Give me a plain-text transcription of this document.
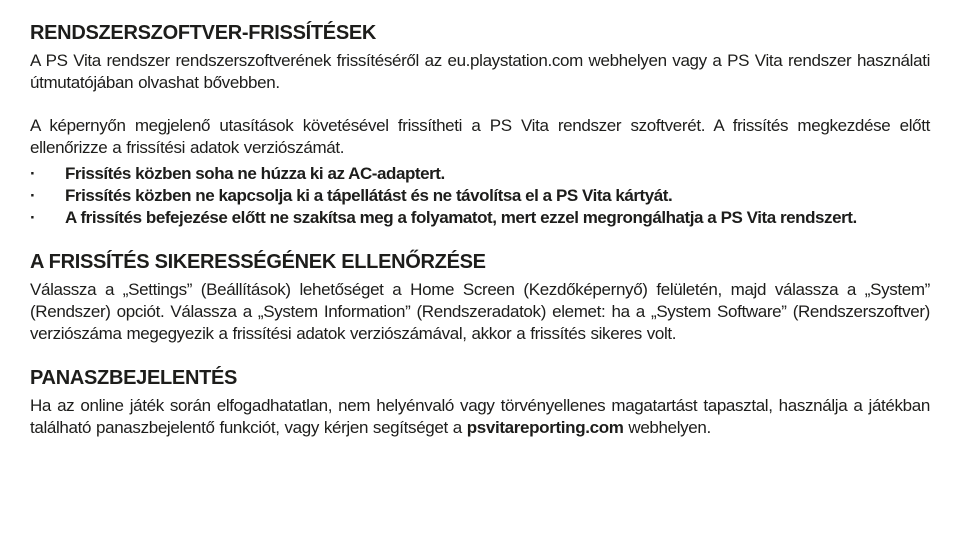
RENDSZERSZOFTVER-FRISSÍTÉSEK

A PS Vita rendszer rendszerszoftverének frissítéséről az eu.playstation.com webhelyen vagy a PS Vita rendszer használati útmutatójában olvashat bővebben.

A képernyőn megjelenő utasítások követésével frissítheti a PS Vita rendszer szoftverét. A frissítés megkezdése előtt ellenőrizze a frissítési adatok verziószámát.

·	Frissítés közben soha ne húzza ki az AC-adaptert.
·	Frissítés közben ne kapcsolja ki a tápellátást és ne távolítsa el a PS Vita kártyát.
·	A frissítés befejezése előtt ne szakítsa meg a folyamatot, mert ezzel megrongálhatja a PS Vita rendszert.
A FRISSÍTÉS SIKERESSÉGÉNEK ELLENŐRZÉSE

Válassza a „Settings” (Beállítások) lehetőséget a Home Screen (Kezdőképernyő) felületén, majd válassza a „System” (Rendszer) opciót. Válassza a „System Information” (Rendszeradatok) elemet: ha a „System Software” (Rendszerszoftver) verziószáma megegyezik a frissítési adatok verziószámával, akkor a frissítés sikeres volt.

PANASZBEJELENTÉS

Ha az online játék során elfogadhatatlan, nem helyénvaló vagy törvényellenes magatartást tapasztal, használja a játékban található panaszbejelentő funkciót, vagy kérjen segítséget a psvitareporting.com webhelyen.
